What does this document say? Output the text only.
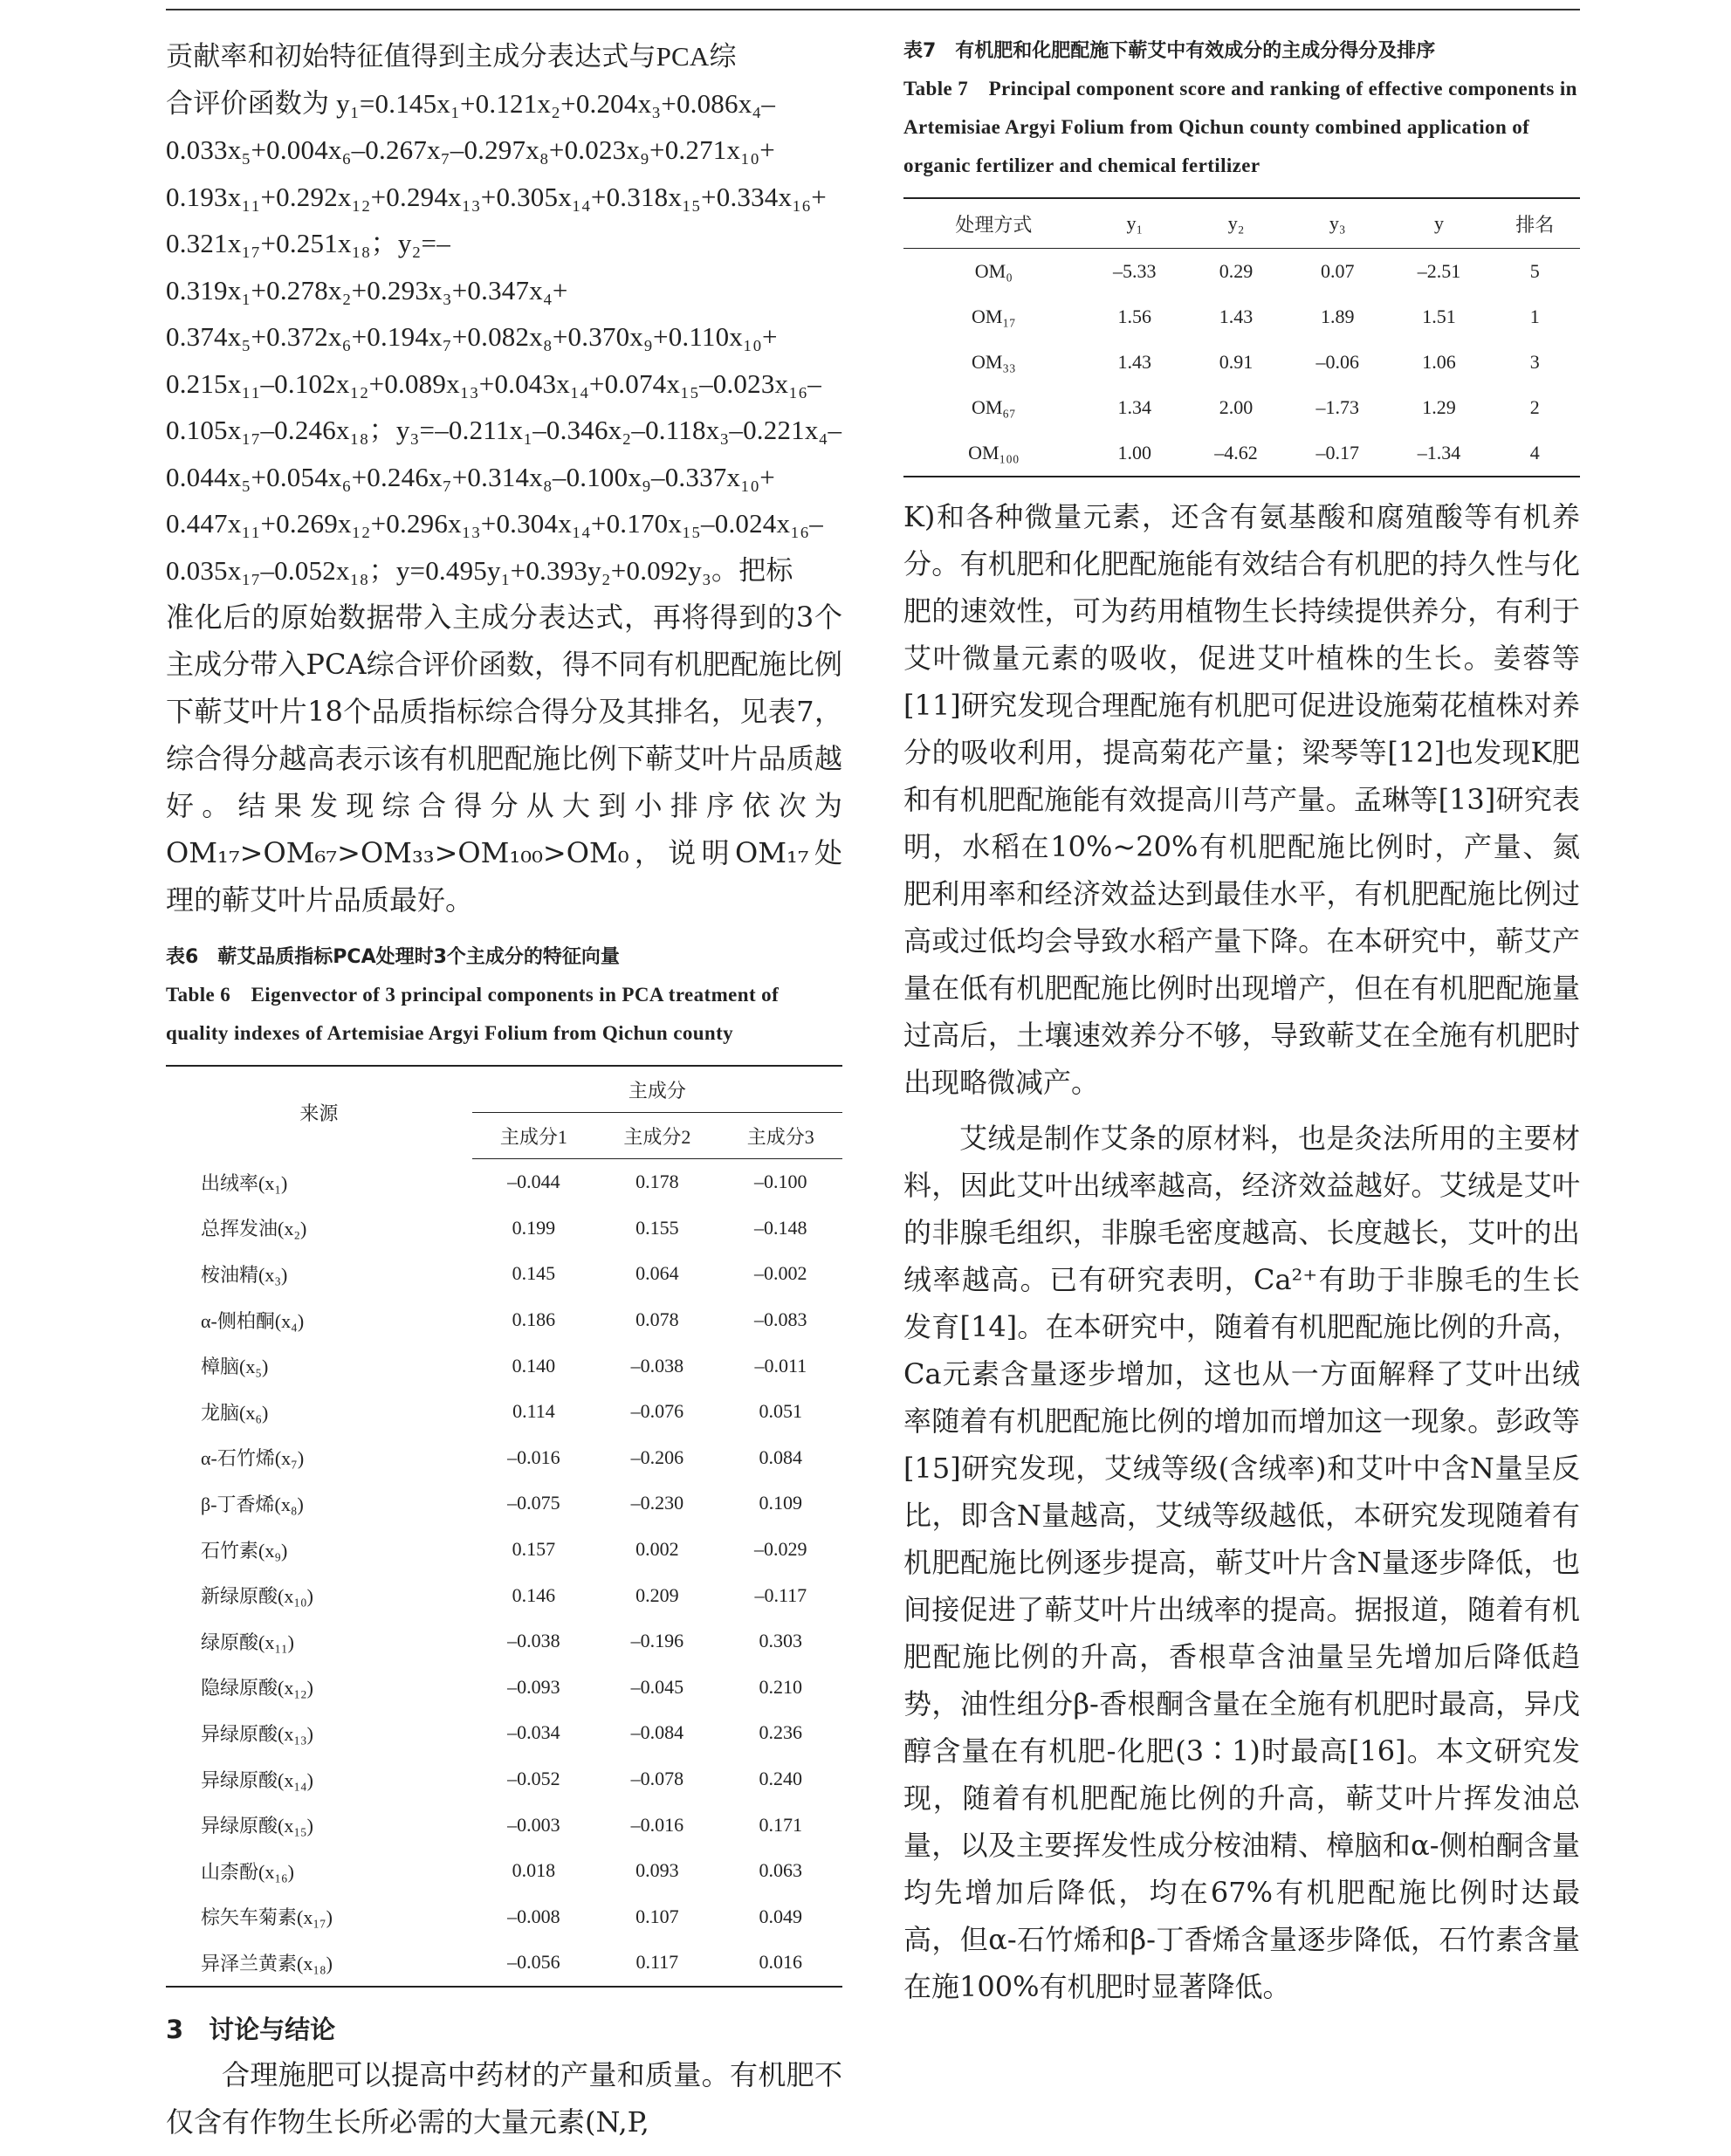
贡献率和初始特征值得到主成分表达式与PCA综

合评价函数为 y₁=0.145x₁+0.121x₂+0.204x₃+0.086x₄–

0.033x₅+0.004x₆–0.267x₇–0.297x₈+0.023x₉+0.271x₁₀+

0.193x₁₁+0.292x₁₂+0.294x₁₃+0.305x₁₄+0.318x₁₅+0.334x₁₆+

0.321x₁₇+0.251x₁₈；y₂=–0.319x₁+0.278x₂+0.293x₃+0.347x₄+

0.374x₅+0.372x₆+0.194x₇+0.082x₈+0.370x₉+0.110x₁₀+

0.215x₁₁–0.102x₁₂+0.089x₁₃+0.043x₁₄+0.074x₁₅–0.023x₁₆–

0.105x₁₇–0.246x₁₈；y₃=–0.211x₁–0.346x₂–0.118x₃–0.221x₄–

0.044x₅+0.054x₆+0.246x₇+0.314x₈–0.100x₉–0.337x₁₀+

0.447x₁₁+0.269x₁₂+0.296x₁₃+0.304x₁₄+0.170x₁₅–0.024x₁₆–

0.035x₁₇–0.052x₁₈；y=0.495y₁+0.393y₂+0.092y₃。把标

准化后的原始数据带入主成分表达式，再将得到的3个主成分带入PCA综合评价函数，得不同有机肥配施比例下蕲艾叶片18个品质指标综合得分及其排名，见表7，综合得分越高表示该有机肥配施比例下蕲艾叶片品质越好。结果发现综合得分从大到小排序依次为OM₁₇>OM₆₇>OM₃₃>OM₁₀₀>OM₀，说明OM₁₇处理的蕲艾叶片品质最好。

表6　蕲艾品质指标PCA处理时3个主成分的特征向量

Table 6　Eigenvector of 3 principal components in PCA treatment of quality indexes of Artemisiae Argyi Folium from Qichun county

来源	主成分		
	主成分1	主成分2	主成分3
出绒率(x₁)	–0.044	0.178	–0.100
总挥发油(x₂)	0.199	0.155	–0.148
桉油精(x₃)	0.145	0.064	–0.002
α-侧柏酮(x₄)	0.186	0.078	–0.083
樟脑(x₅)	0.140	–0.038	–0.011
龙脑(x₆)	0.114	–0.076	0.051
α-石竹烯(x₇)	–0.016	–0.206	0.084
β-丁香烯(x₈)	–0.075	–0.230	0.109
石竹素(x₉)	0.157	0.002	–0.029
新绿原酸(x₁₀)	0.146	0.209	–0.117
绿原酸(x₁₁)	–0.038	–0.196	0.303
隐绿原酸(x₁₂)	–0.093	–0.045	0.210
异绿原酸(x₁₃)	–0.034	–0.084	0.236
异绿原酸(x₁₄)	–0.052	–0.078	0.240
异绿原酸(x₁₅)	–0.003	–0.016	0.171
山柰酚(x₁₆)	0.018	0.093	0.063
棕矢车菊素(x₁₇)	–0.008	0.107	0.049
异泽兰黄素(x₁₈)	–0.056	0.117	0.016

3　讨论与结论

合理施肥可以提高中药材的产量和质量。有机肥不仅含有作物生长所必需的大量元素(N,P,

表7　有机肥和化肥配施下蕲艾中有效成分的主成分得分及排序

Table 7　Principal component score and ranking of effective components in Artemisiae Argyi Folium from Qichun county combined application of organic fertilizer and chemical fertilizer

处理方式	y₁	y₂	y₃	y	排名
OM₀	–5.33	0.29	0.07	–2.51	5
OM₁₇	1.56	1.43	1.89	1.51	1
OM₃₃	1.43	0.91	–0.06	1.06	3
OM₆₇	1.34	2.00	–1.73	1.29	2
OM₁₀₀	1.00	–4.62	–0.17	–1.34	4

K)和各种微量元素，还含有氨基酸和腐殖酸等有机养分。有机肥和化肥配施能有效结合有机肥的持久性与化肥的速效性，可为药用植物生长持续提供养分，有利于艾叶微量元素的吸收，促进艾叶植株的生长。姜蓉等[11]研究发现合理配施有机肥可促进设施菊花植株对养分的吸收利用，提高菊花产量；梁琴等[12]也发现K肥和有机肥配施能有效提高川芎产量。孟琳等[13]研究表明，水稻在10%~20%有机肥配施比例时，产量、氮肥利用率和经济效益达到最佳水平，有机肥配施比例过高或过低均会导致水稻产量下降。在本研究中，蕲艾产量在低有机肥配施比例时出现增产，但在有机肥配施量过高后，土壤速效养分不够，导致蕲艾在全施有机肥时出现略微减产。

艾绒是制作艾条的原材料，也是灸法所用的主要材料，因此艾叶出绒率越高，经济效益越好。艾绒是艾叶的非腺毛组织，非腺毛密度越高、长度越长，艾叶的出绒率越高。已有研究表明，Ca²⁺有助于非腺毛的生长发育[14]。在本研究中，随着有机肥配施比例的升高，Ca元素含量逐步增加，这也从一方面解释了艾叶出绒率随着有机肥配施比例的增加而增加这一现象。彭政等[15]研究发现，艾绒等级(含绒率)和艾叶中含N量呈反比，即含N量越高，艾绒等级越低，本研究发现随着有机肥配施比例逐步提高，蕲艾叶片含N量逐步降低，也间接促进了蕲艾叶片出绒率的提高。据报道，随着有机肥配施比例的升高，香根草含油量呈先增加后降低趋势，油性组分β-香根酮含量在全施有机肥时最高，异戊醇含量在有机肥-化肥(3∶1)时最高[16]。本文研究发现，随着有机肥配施比例的升高，蕲艾叶片挥发油总量，以及主要挥发性成分桉油精、樟脑和α-侧柏酮含量均先增加后降低，均在67%有机肥配施比例时达最高，但α-石竹烯和β-丁香烯含量逐步降低，石竹素含量在施100%有机肥时显著降低。
